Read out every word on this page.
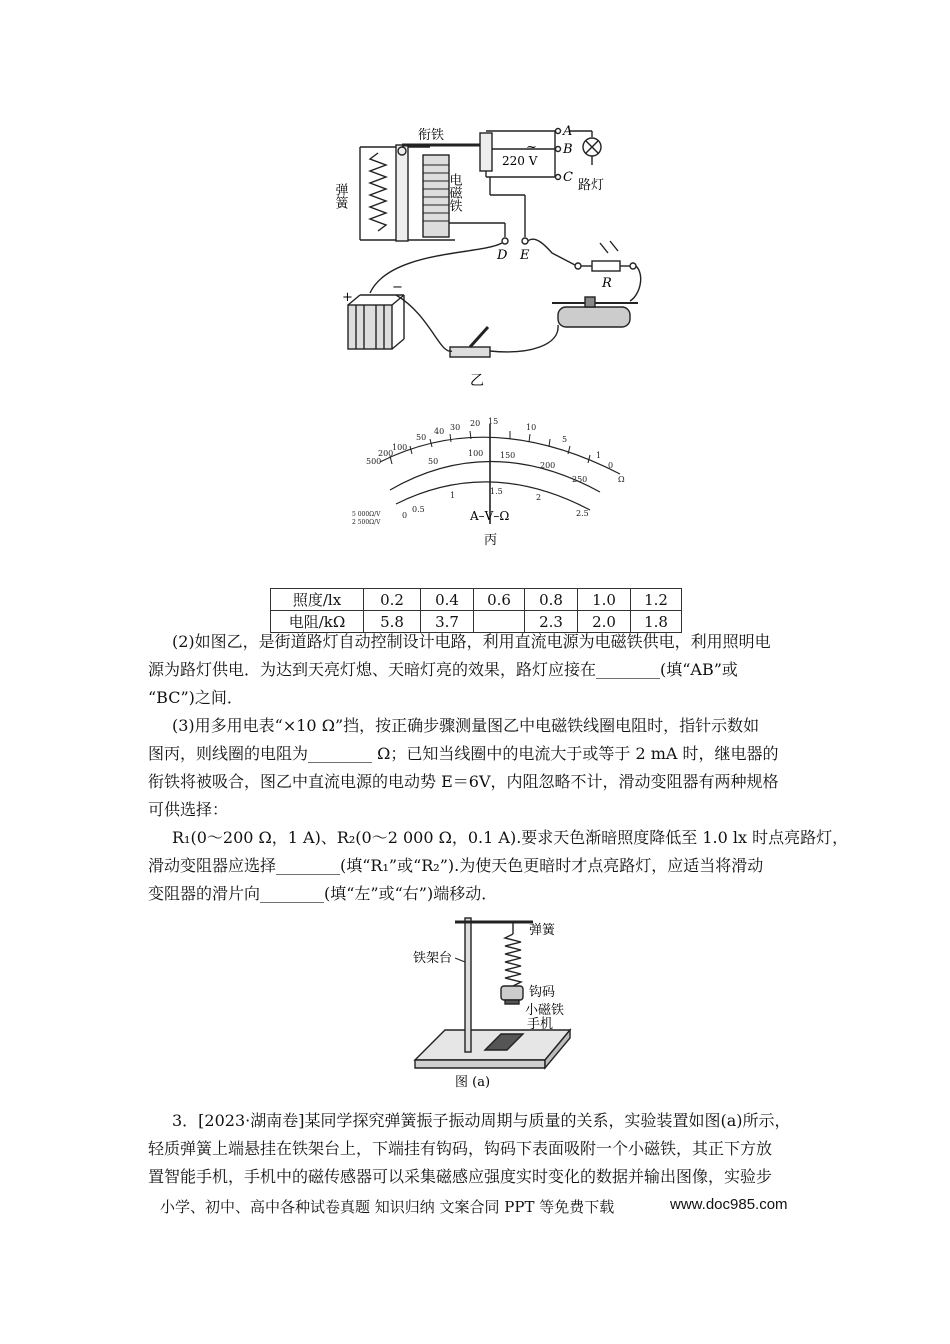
衔铁
弹簧	电磁铁
A
B
C
~
220 V
路灯
D E
R
+
−
乙
500
200
100
50
40 30 20 15
10
5
1
0
Ω
50
100 150
200
250
0
0.5
1	1.5
2
2.5
5 000Ω/V
2 500Ω/V	A–V–Ω
丙
照度/lx	0.2	0.4	0.6	0.8	1.0	1.2
电阻/kΩ	5.8	3.7		2.3	2.0	1.8
(2)如图乙，是街道路灯自动控制设计电路，利用直流电源为电磁铁供电，利用照明电
源为路灯供电．为达到天亮灯熄、天暗灯亮的效果，路灯应接在________(填“AB”或
“BC”)之间．
(3)用多用电表“×10 Ω”挡，按正确步骤测量图乙中电磁铁线圈电阻时，指针示数如
图丙，则线圈的电阻为________ Ω；已知当线圈中的电流大于或等于 2 mA 时，继电器的
衔铁将被吸合，图乙中直流电源的电动势 E＝6V，内阻忽略不计，滑动变阻器有两种规格
可供选择：
R₁(0～200 Ω，1 A)、R₂(0～2 000 Ω，0.1 A).要求天色渐暗照度降低至 1.0 lx 时点亮路灯，
滑动变阻器应选择________(填“R₁”或“R₂”).为使天色更暗时才点亮路灯，应适当将滑动
变阻器的滑片向________(填“左”或“右”)端移动．
铁架台
弹簧
钩码
小磁铁
手机
图 (a)
3．[2023·湖南卷]某同学探究弹簧振子振动周期与质量的关系，实验装置如图(a)所示，
轻质弹簧上端悬挂在铁架台上，下端挂有钩码，钩码下表面吸附一个小磁铁，其正下方放
置智能手机，手机中的磁传感器可以采集磁感应强度实时变化的数据并输出图像，实验步
小学、初中、高中各种试卷真题 知识归纳 文案合同 PPT 等免费下载	www.doc985.com
